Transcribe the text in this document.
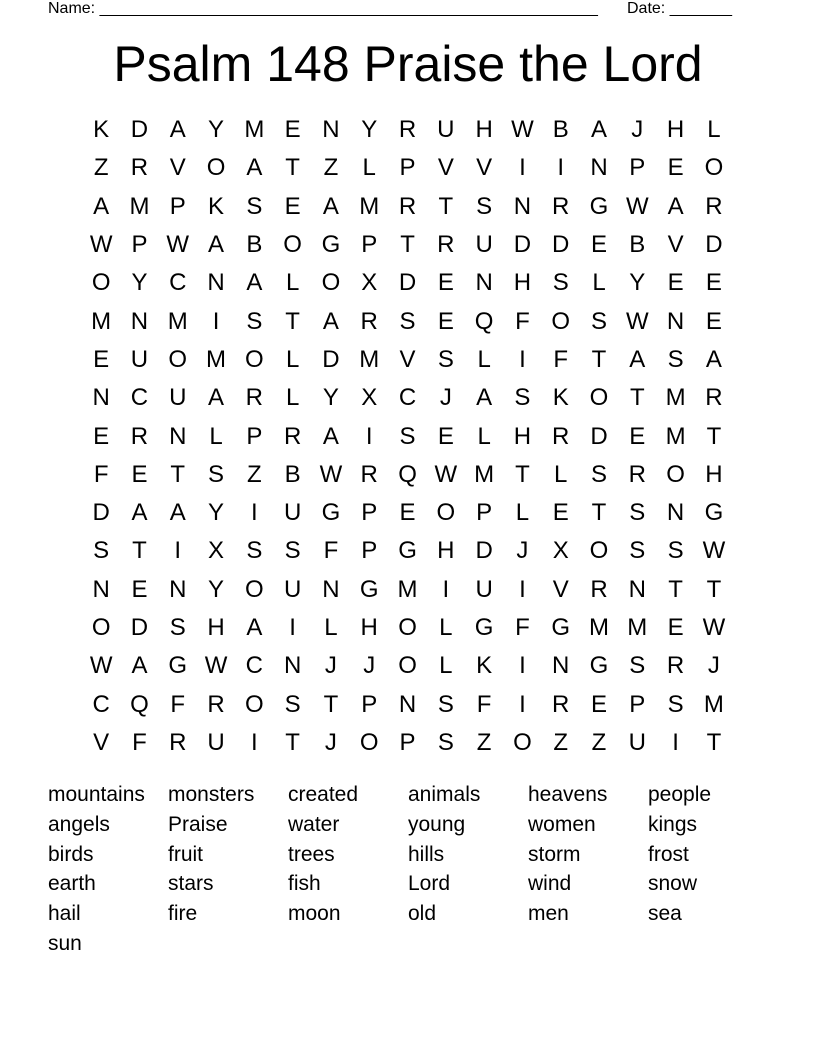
Name: ________________________________________________________ Date: _______
Psalm 148 Praise the Lord
K D A Y M E N Y R U H W B A	J H L
Z R V O A T Z	L P V V	I	I	N P E O
A M P K S E A M R T S N R G W A R
W P W A B O G P T R U D D E B V D
O Y C N A L O X D E N H S L Y E E
M N M	I	S T A R S E Q F O S W N E
E U O M O L D M V S L	I	F T A S A
N C U A R L Y X C J	A S K O T M R
E R N L P R A	I	S E L H R D E M T
F E T S Z B W R Q W M T	L S R O H
D A A Y	I	U G P E O P L E T S N G
S T	I	X S S F P G H D J	X O S S W
N E N Y O U N G M	I	U	I	V R N T T
O D S H A	I	L H O L G F G M M E W
W A G W C N J	J O L K	I	N G S R J
C Q F R O S T P N S F	I	R E P S M
V F R U	I	T	J O P S Z O Z Z U	I	T
mountains	monsters	created	animals	heavens	people
angels	Praise	water	young	women	kings
birds	fruit	trees	hills	storm	frost
earth	stars	fish	Lord	wind	snow
hail	fire	moon	old	men	sea
sun
